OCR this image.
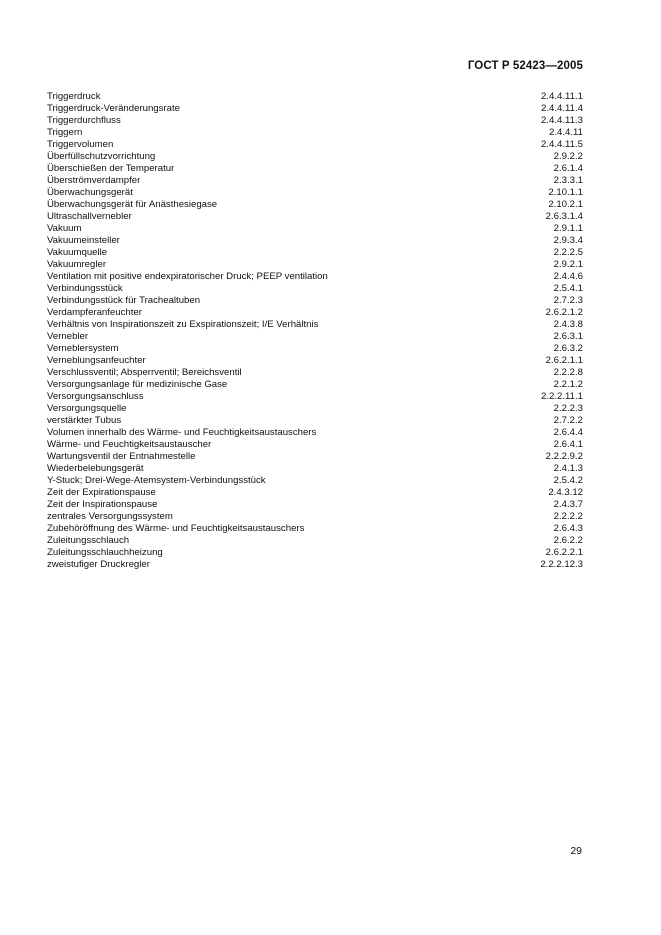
ГОСТ Р 52423—2005
Triggerdruck	2.4.4.11.1
Triggerdruck-Veränderungsrate	2.4.4.11.4
Triggerdurchfluss	2.4.4.11.3
Triggern	2.4.4.11
Triggervolumen	2.4.4.11.5
Überfüllschutzvorrichtung	2.9.2.2
Überschießen der Temperatur	2.6.1.4
Überströmverdampfer	2.3.3.1
Überwachungsgerät	2.10.1.1
Überwachungsgerät für Anästhesiegase	2.10.2.1
Ultraschallvernebler	2.6.3.1.4
Vakuum	2.9.1.1
Vakuumeinsteller	2.9.3.4
Vakuumquelle	2.2.2.5
Vakuumregler	2.9.2.1
Ventilation mit positive endexpiratorischer Druck; PEEP ventilation	2.4.4.6
Verbindungsstück	2.5.4.1
Verbindungsstück für Trachealtuben	2.7.2.3
Verdampferanfeuchter	2.6.2.1.2
Verhältnis von Inspirationszeit zu Exspirationszeit; I/E Verhältnis	2.4.3.8
Vernebler	2.6.3.1
Verneblersystem	2.6.3.2
Verneblungsanfeuchter	2.6.2.1.1
Verschlussventil; Absperrventil; Bereichsventil	2.2.2.8
Versorgungsanlage für medizinische Gase	2.2.1.2
Versorgungsanschluss	2.2.2.11.1
Versorgungsquelle	2.2.2.3
verstärkter Tubus	2.7.2.2
Volumen innerhalb des Wärme- und Feuchtigkeitsaustauschers	2.6.4.4
Wärme- und Feuchtigkeitsaustauscher	2.6.4.1
Wartungsventil der Entnahmestelle	2.2.2.9.2
Wiederbelebungsgerät	2.4.1.3
Y-Stuck; Drei-Wege-Atemsystem-Verbindungsstück	2.5.4.2
Zeit der Expirationspause	2.4.3.12
Zeit der Inspirationspause	2.4.3.7
zentrales Versorgungssystem	2.2.2.2
Zubehöröffnung des Wärme- und Feuchtigkeitsaustauschers	2.6.4.3
Zuleitungsschlauch	2.6.2.2
Zuleitungsschlauchheizung	2.6.2.2.1
zweistufiger Druckregler	2.2.2.12.3
29
